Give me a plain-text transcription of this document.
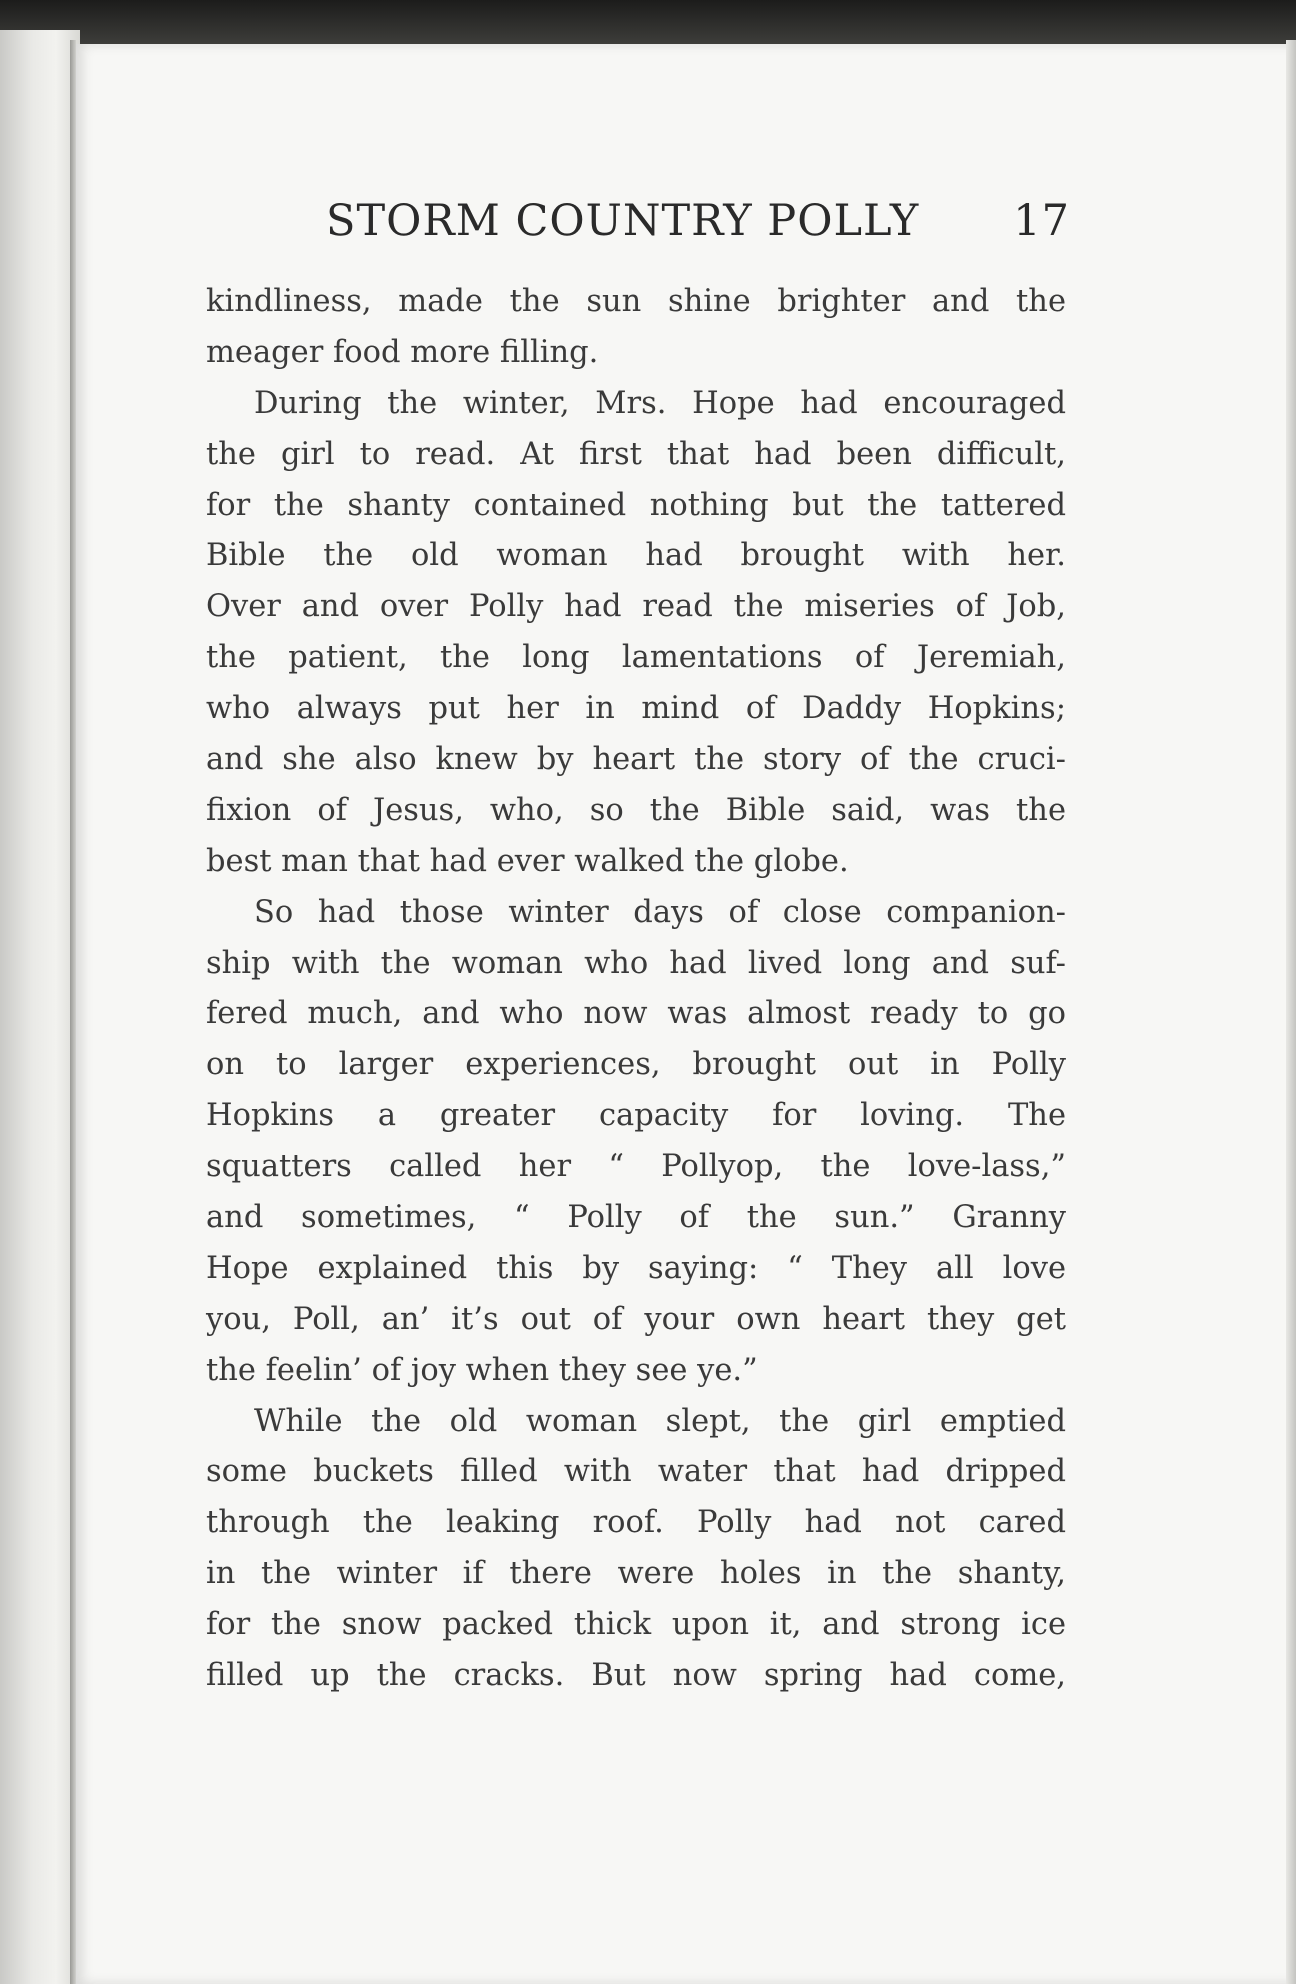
STORM COUNTRY POLLY 17
kindliness, made the sun shine brighter and the
meager food more filling.
During the winter, Mrs. Hope had encouraged
the girl to read. At first that had been difficult,
for the shanty contained nothing but the tattered
Bible the old woman had brought with her.
Over and over Polly had read the miseries of Job,
the patient, the long lamentations of Jeremiah,
who always put her in mind of Daddy Hopkins;
and she also knew by heart the story of the cruci-
fixion of Jesus, who, so the Bible said, was the
best man that had ever walked the globe.
So had those winter days of close companion-
ship with the woman who had lived long and suf-
fered much, and who now was almost ready to go
on to larger experiences, brought out in Polly
Hopkins a greater capacity for loving. The
squatters called her “ Pollyop, the love-lass,”
and sometimes, “ Polly of the sun.” Granny
Hope explained this by saying: “ They all love
you, Poll, an’ it’s out of your own heart they get
the feelin’ of joy when they see ye.”
While the old woman slept, the girl emptied
some buckets filled with water that had dripped
through the leaking roof. Polly had not cared
in the winter if there were holes in the shanty,
for the snow packed thick upon it, and strong ice
filled up the cracks. But now spring had come,
